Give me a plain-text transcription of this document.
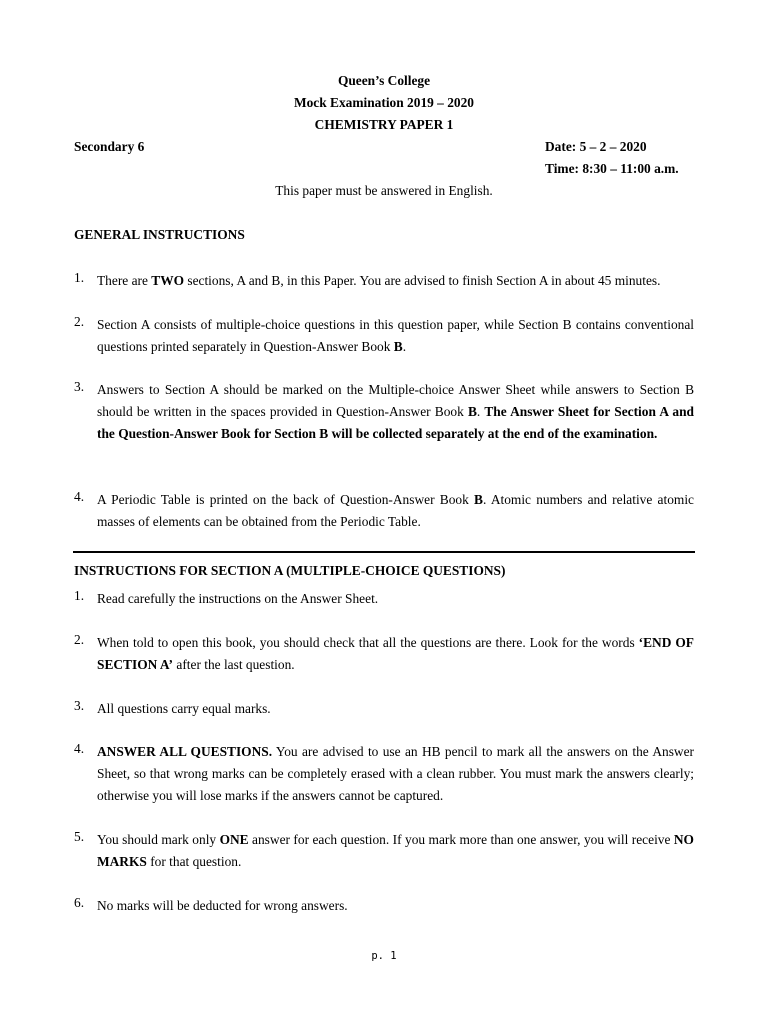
Queen’s College
Mock Examination 2019 – 2020
CHEMISTRY PAPER 1
Secondary 6	Date: 5 – 2 – 2020
Time: 8:30 – 11:00 a.m.
This paper must be answered in English.
GENERAL INSTRUCTIONS
1. There are TWO sections, A and B, in this Paper. You are advised to finish Section A in about 45 minutes.
2. Section A consists of multiple-choice questions in this question paper, while Section B contains conventional questions printed separately in Question-Answer Book B.
3. Answers to Section A should be marked on the Multiple-choice Answer Sheet while answers to Section B should be written in the spaces provided in Question-Answer Book B. The Answer Sheet for Section A and the Question-Answer Book for Section B will be collected separately at the end of the examination.
4. A Periodic Table is printed on the back of Question-Answer Book B. Atomic numbers and relative atomic masses of elements can be obtained from the Periodic Table.
INSTRUCTIONS FOR SECTION A (MULTIPLE-CHOICE QUESTIONS)
1. Read carefully the instructions on the Answer Sheet.
2. When told to open this book, you should check that all the questions are there. Look for the words ‘END OF SECTION A’ after the last question.
3. All questions carry equal marks.
4. ANSWER ALL QUESTIONS. You are advised to use an HB pencil to mark all the answers on the Answer Sheet, so that wrong marks can be completely erased with a clean rubber. You must mark the answers clearly; otherwise you will lose marks if the answers cannot be captured.
5. You should mark only ONE answer for each question. If you mark more than one answer, you will receive NO MARKS for that question.
6. No marks will be deducted for wrong answers.
p. 1
